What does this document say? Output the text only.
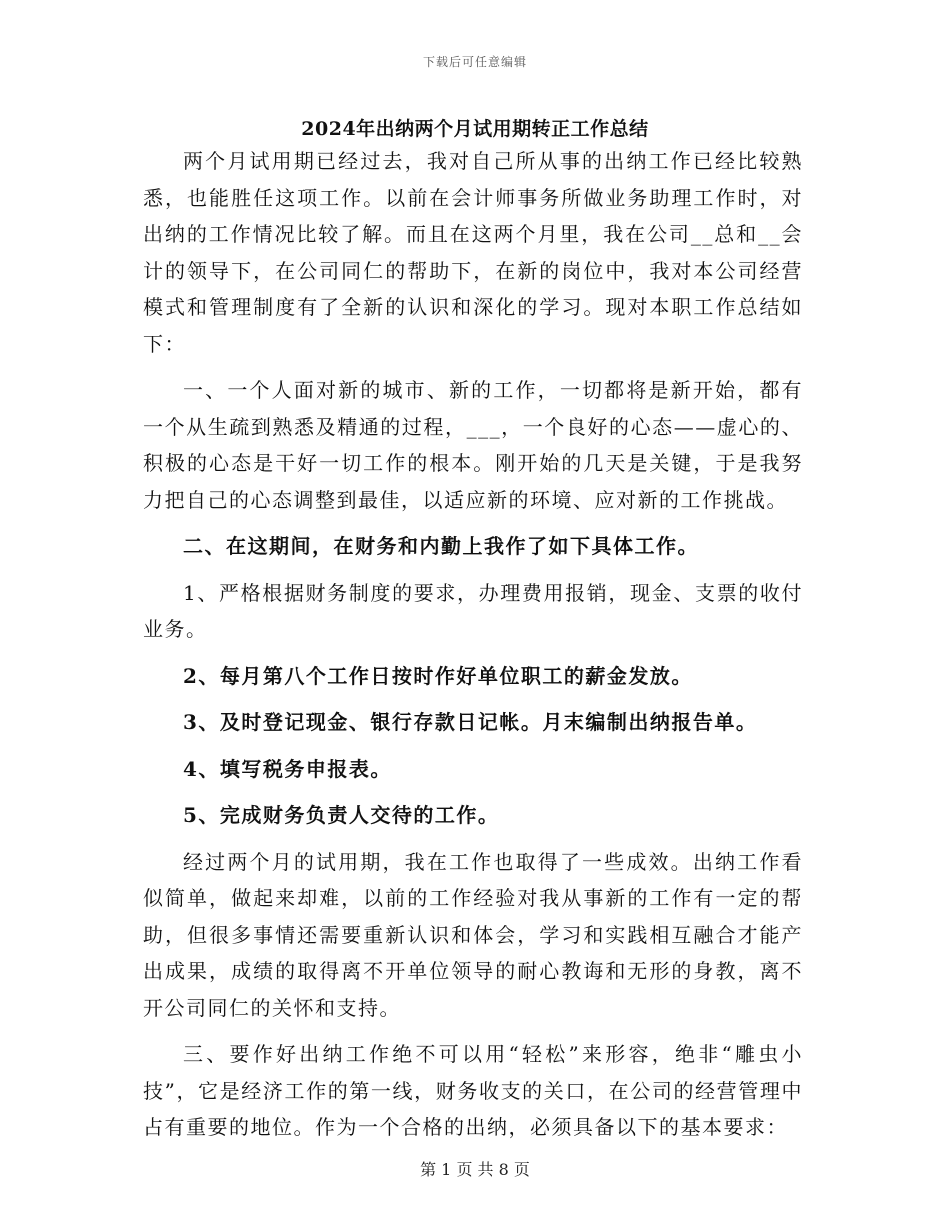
下载后可任意编辑
2024年出纳两个月试用期转正工作总结

两个月试用期已经过去，我对自己所从事的出纳工作已经比较熟悉，也能胜任这项工作。以前在会计师事务所做业务助理工作时，对出纳的工作情况比较了解。而且在这两个月里，我在公司__总和__会计的领导下，在公司同仁的帮助下，在新的岗位中，我对本公司经营模式和管理制度有了全新的认识和深化的学习。现对本职工作总结如下：

一、一个人面对新的城市、新的工作，一切都将是新开始，都有一个从生疏到熟悉及精通的过程，___，一个良好的心态——虚心的、积极的心态是干好一切工作的根本。刚开始的几天是关键，于是我努力把自己的心态调整到最佳，以适应新的环境、应对新的工作挑战。

二、在这期间，在财务和内勤上我作了如下具体工作。

1、严格根据财务制度的要求，办理费用报销，现金、支票的收付业务。

2、每月第八个工作日按时作好单位职工的薪金发放。

3、及时登记现金、银行存款日记帐。月末编制出纳报告单。

4、填写税务申报表。

5、完成财务负责人交待的工作。

经过两个月的试用期，我在工作也取得了一些成效。出纳工作看似简单，做起来却难，以前的工作经验对我从事新的工作有一定的帮助，但很多事情还需要重新认识和体会，学习和实践相互融合才能产出成果，成绩的取得离不开单位领导的耐心教诲和无形的身教，离不开公司同仁的关怀和支持。

三、要作好出纳工作绝不可以用“轻松”来形容，绝非“雕虫小技”，它是经济工作的第一线，财务收支的关口，在公司的经营管理中占有重要的地位。作为一个合格的出纳，必须具备以下的基本要求：

第 1 页 共 8 页
